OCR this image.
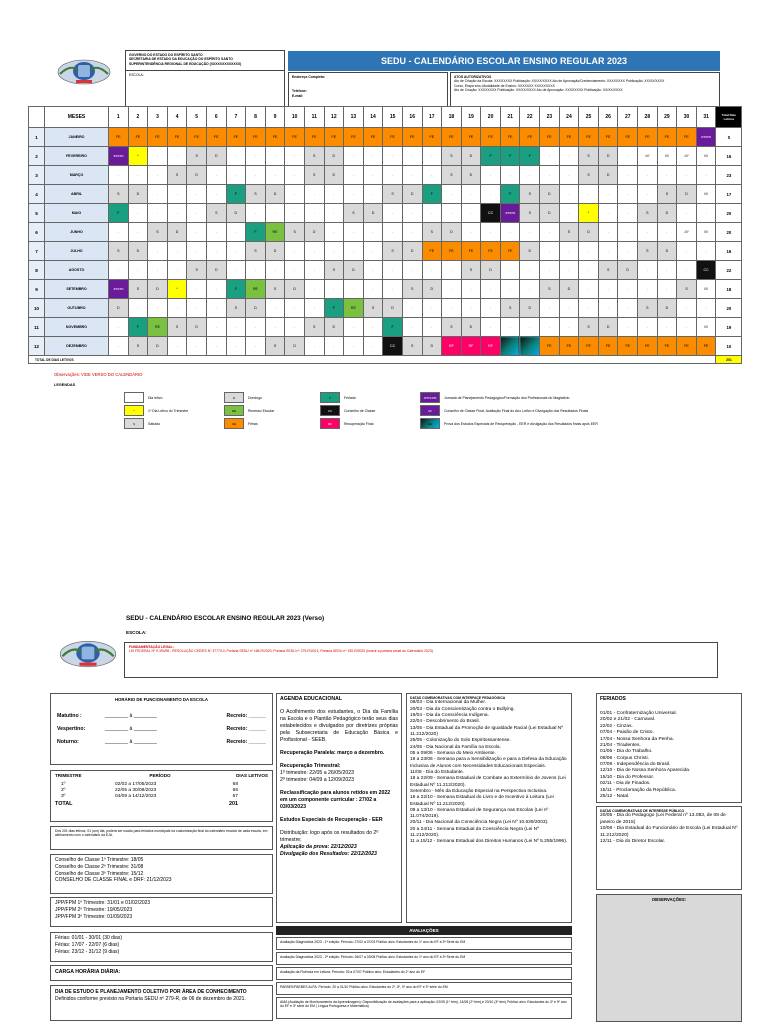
GOVERNO DO ESTADO DO ESPÍRITO SANTO
SECRETARIA DE ESTADO DA EDUCAÇÃO DO ESPÍRITO SANTO
SUPERINTENDÊNCIA REGIONAL DE EDUCAÇÃO (XXXXXXXXXXXXX)
ESCOLA:
SEDU - CALENDÁRIO ESCOLAR ENSINO REGULAR 2023
Endereço Completo:
Telefone:
E-mail:
ATOS AUTORIZATIVOS
Ato de Criação da Escola: XXXXXXXX Publicação: XX/XX/XXXX Ato de Aprovação/Credenciamento: XXXXXXXX Publicação: XX/XX/XXXX
Curso, Etapa e/ou Modalidade de Ensino: XXXXXXX XXXXXXXXX
Ato de Criação: XXXXXXXX Publicação: XX/XX/XXXX Ato de Aprovação: XXXXXXXX Publicação: XX/XX/XXXX
	MESES	1	2	3	4	5	6	7	8	9	10	11	12	13	14	15	16	17	18	19	20	21	22	23	24	25	26	27	28	29	30	31	Total Dias Letivos
1	JANEIRO	FE	FE	FE	FE	FE	FE	FE	FE	FE	FE	FE	FE	FE	FE	FE	FE	FE	FE	FE	FE	FE	FE	FE	FE	FE	FE	FE	FE	FE	FE	JPP/FPM	0
2	FEVEREIRO	JPP/FPM	*	.	.	S	D	.	.	.	.	S	D	.	.	.	.	.	S	D	F	F	F	.	.	S	D	.	////	////	////	////	16
3	MARÇO	.	.	.	S	D	.	.	.	.	.	S	D	.	.	.	.	.	S	D	.	.	.	.	.	S	D	.	.	.	.	.	23
4	ABRIL	S	D	.	.	.	.	F	S	D	.	.	.	.	.	S	D	F	.	.	.	F	S	D	.	.	.	.	.	S	D	////	17
5	MAIO	F	.	.	.	.	S	D	.	.	.	.	.	S	D	.	.	.	.	.	CC	JPP/FPM	S	D	.	*	.	.	S	D	.	.	20
6	JUNHO	.	.	S	D	.	.	.	F	RE	S	D	.	.	.	.	.	S	D	.	.	.	.	.	S	D	.	.	.	.	////	////	20
7	JULHO	S	D	.	.	.	.	.	S	D	.	.	.	.	.	S	D	FE	FE	FE	FE	FE	D	.	.	.	.	.	S	D	.	.	16
8	AGOSTO	.	.	.	.	S	D	.	.	.	.	.	S	D	.	.	.	.	.	S	D	.	.	.	.	.	S	D	.	.	.	CC	22
9	SETEMBRO	JPP/FPM	S	D	*	.	.	F	RE	S	D	.	.	.	.	.	S	D	.	.	.	.	.	S	D	.	.	.	.	.	S	////	18
10	OUTUBRO	D	.	.	.	.	.	S	D	.	.	.	F	RE	S	D	.	.	.	.	.	S	D	.	.	.	.	.	S	D	.	.	20
11	NOVEMBRO	.	F	RE	S	D	.	.	.	.	.	S	D	.	.	F	.	.	S	D	.	.	.	.	.	S	D	.	.	.	.	////	19
12	DEZEMBRO	.	S	D	.	.	.	.	.	S	D	.	.	.	.	CC	S	D	RF	RF	RF			FE	FE	FE	FE	FE	FE	FE	FE	FE	10
TOTAL DE DIAS LETIVOS																																	201
Observações: VIDE VERSO DO CALENDÁRIO
LEGENDAS
.	Dia letivo
*	1º Dia Letivo do Trimestre
S	Sábado
D	Domingo
RE	Recesso Escolar
FE	Férias
F	Feriado
CC	Conselho de Classe
RF	Recuperação Final
JPP/FPM	Jornada de Planejamento Pedagógico/Formação dos Profissionais do Magistério
CF	Conselho de Classe Final, Avaliação Final do Ano Letivo e Divulgação dos Resultados Finais
EE	Prova dos Estudos Especiais de Recuperação - EER e divulgação dos Resultados finais após EER
SEDU - CALENDÁRIO ESCOLAR ENSINO REGULAR 2023 (Verso)
ESCOLA:
FUNDAMENTAÇÃO LEGAL:
LEI FEDERAL Nº 9.394/96 ; RESOLUÇÃO CEE/ES Nº 3777/14; Portaria SEDU nº 168-R/2020; Portaria SEDU nº 279-R/2021; Portaria SEDU nº 150-R/2020 (Inserir a portaria anual do Calendário 2023)
HORÁRIO DE FUNCIONAMENTO DA ESCOLA
Matutino :	________ à ________	Recreio: ______
Vespertino:	________ à ________	Recreio: ______
Noturno:	________ à ________	Recreio: ______
TRIMESTRE	PERÍODO	DIAS LETIVOS
1º	02/02 a 17/05/2023	68
2º	22/05 a 30/08/2023	66
3º	04/09 a 14/12/2023	67
TOTAL	201
Dos 201 dias letivos, 01 (um) dia, poderá ser usado para feriados municipais na customização final do calendário escolar de cada escola, em alinhamento com o calendário da EJA.
Conselho de Classe 1º Trimestre: 18/05
Conselho de Classe 2º Trimestre: 31/08
Conselho de Classe 3º Trimestre: 15/12
CONSELHO DE CLASSE FINAL e DRF: 21/12/2023
JPP/FPM 1º Trimestre: 31/01 e 01/02/2023
JPP/FPM 2º Trimestre: 19/05/2023
JPP/FPM 3º Trimestre: 01/09/2023
Férias: 01/01 - 30/01 (30 dias)
Férias: 17/07 - 22/07 (6 dias)
Férias: 23/12 - 31/12 (9 dias)
CARGA HORÁRIA DIÁRIA:
DIA DE ESTUDO E PLANEJAMENTO COLETIVO POR ÁREA DE CONHECIMENTO
Definidos conforme previsto na Portaria SEDU nº 279-R, de 06 de dezembro de 2021.
AGENDA EDUCACIONAL
O Acolhimento dos estudantes, o Dia da Família na Escola e o Plantão Pedagógico terão seus dias estabelecidos e divulgados por diretrizes próprias pela Subsecretaria de Educação Básica e Profissional - SEEB.
Recuperação Paralela: março a dezembro.
Recuperação Trimestral:
1º trimestre: 22/05 a 26/05/2023
2º trimestre: 04/09 a 12/09/2023
Reclassificação para alunos retidos em 2022 em um componente curricular : 27/02 a 03/03/2023
Estudos Especiais de Recuperação - EER
Distribuição: logo após os resultados do 2º trimestre;
Aplicação da prova: 22/12/2023
Divulgação dos Resultados: 22/12/2023
DATAS COMEMORATIVAS COM INTERFACE PEDAGÓGICA
08/03 - Dia Internacional da Mulher.
20/03 - Dia da Conscientização contra o Bullying.
19/04 - Dia da Consciência Indígena.
22/04 - Descobrimento do Brasil.
13/05 - Dia Estadual da Promoção de Igualdade Racial (Lei Estadual Nº 11.212/2020)
25/05 - Colonização do Solo Espiritossantense.
24/05 - Dia Nacional da Família na Escola.
05 a 09/06 - Semana do Meio Ambiente.
19 a 23/06 - Semana para a Sensibilização e para a Defesa da Educação Inclusiva de Alunos com Necessidades Educacionais Especiais.
11/08 - Dia do Estudante.
18 a 22/09 - Semana Estadual de Combate ao Extermínio de Jovens (Lei Estadual Nº 11.212/2020).
Setembro - Mês da Educação Especial na Perspectiva Inclusiva.
18 a 22/10 - Semana Estadual do Livro e de Incentivo à Leitura (Lei Estadual Nº 11.212/2020).
09 a 13/10 - Semana Estadual de Segurança nas Escolas (Lei nº 11.074/2019).
20/11 - Dia Nacional da Consciência Negra (Lei Nº 10.639/2003).
20 a 24/11 - Semana Estadual da Consciência Negra (Lei Nº 11.212/2020).
11 a 15/12 - Semana Estadual dos Direitos Humanos (Lei Nº 5.255/1996).
FERIADOS
01/01 - Confraternização Universal.
20/02 e 21/02 - Carnaval.
22/02 - Cinzas.
07/04 - Paixão de Cristo.
17/04 - Nossa Senhora da Penha.
21/04 - Tiradentes.
01/05 - Dia do Trabalho.
08/06 - Corpus Christi.
07/09 - Independência do Brasil.
12/10 - Dia de Nossa Senhora Aparecida.
15/10 - Dia do Professor.
02/11 - Dia de Finados.
15/11 - Proclamação da República.
25/12 - Natal.
DATAS COMEMORATIVAS DE INTERESSE PÚBLICO
20/05 - Dia do Pedagogo (Lei Federal nº 13.083, de 08 de janeiro de 2015)
10/08 - Dia Estadual do Funcionário de Escola (Lei Estadual Nº 11.212/2020)
12/11 - Dia do Diretor Escolar.
OBSERVAÇÕES:
AVALIAÇÕES
Avaliação Diagnóstica 2023 - 1ª edição: Período: 27/02 a 07/03 Público alvo: Estudantes do 1º ano do EF à 3ª Série do EM
Avaliação Diagnóstica 2023 - 2ª edição: Período: 26/07 a 03/08 Público alvo: Estudantes do 1º ano do EF à 3ª Série do EM
Avaliação da Fluência em Leitura: Período: 03 a 07/07 Público alvo: Estudantes do 2º ano do EF
PAEBES/PAEBES ALFA: Período: 20 a 31/10 Público alvo: Estudantes do 2º, 5º, 9º ano do EF e 3º série do EM
AMA (Avaliação de Monitoramento da Aprendizagem): Disponibilização de avaliações para a aplicação: 02/05 (1º trim), 14/08 (2º trim) e 20/10 (3º trim) Público alvo: Estudantes do 3º e 9º ano do EF e 3º série do EM | Língua Portuguesa e Matemática)
